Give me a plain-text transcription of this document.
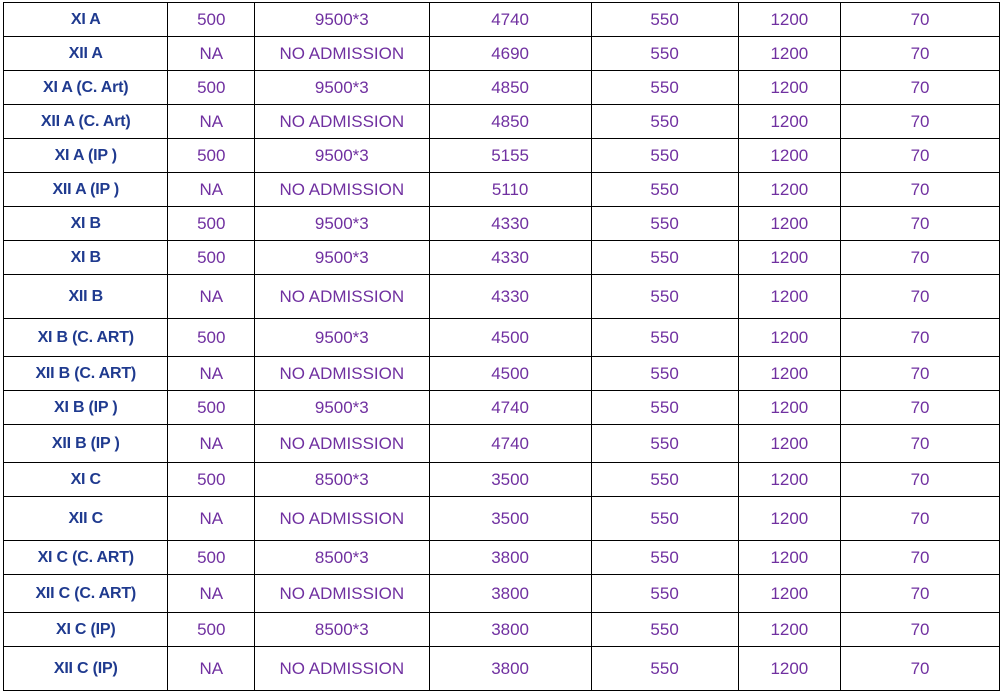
XI A	500	9500*3	4740	550	1200	70
XII A	NA	NO ADMISSION	4690	550	1200	70
XI A (C. Art)	500	9500*3	4850	550	1200	70
XII A (C. Art)	NA	NO ADMISSION	4850	550	1200	70
XI A (IP )	500	9500*3	5155	550	1200	70
XII A (IP )	NA	NO ADMISSION	5110	550	1200	70
XI B	500	9500*3	4330	550	1200	70
XI B	500	9500*3	4330	550	1200	70
XII B	NA	NO ADMISSION	4330	550	1200	70
XI B (C. ART)	500	9500*3	4500	550	1200	70
XII B (C. ART)	NA	NO ADMISSION	4500	550	1200	70
XI B (IP )	500	9500*3	4740	550	1200	70
XII B (IP )	NA	NO ADMISSION	4740	550	1200	70
XI C	500	8500*3	3500	550	1200	70
XII C	NA	NO ADMISSION	3500	550	1200	70
XI C (C. ART)	500	8500*3	3800	550	1200	70
XII C (C. ART)	NA	NO ADMISSION	3800	550	1200	70
XI C (IP)	500	8500*3	3800	550	1200	70
XII C (IP)	NA	NO ADMISSION	3800	550	1200	70
